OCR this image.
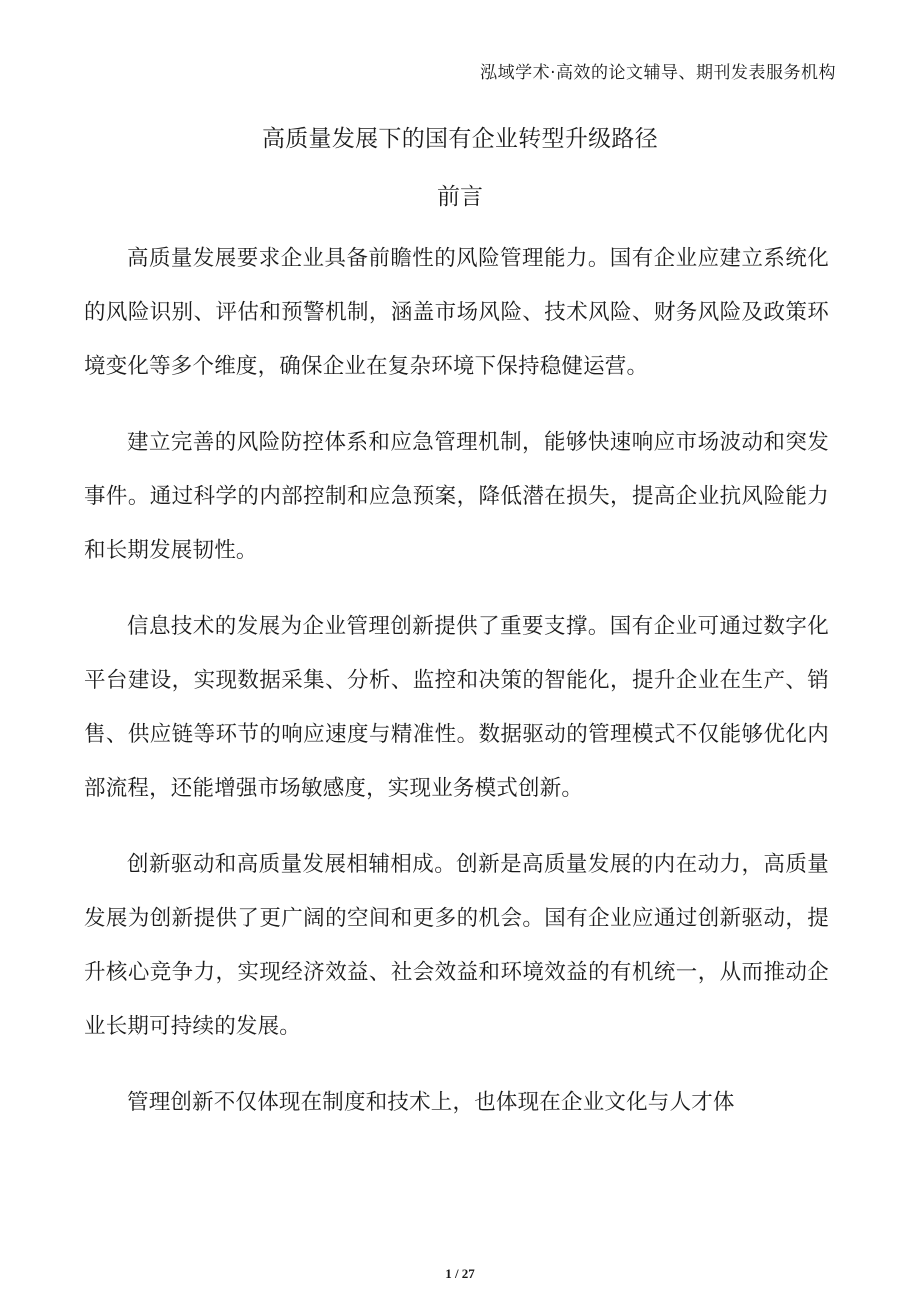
泓域学术·高效的论文辅导、期刊发表服务机构
高质量发展下的国有企业转型升级路径
前言

高质量发展要求企业具备前瞻性的风险管理能力。国有企业应建立系统化的风险识别、评估和预警机制，涵盖市场风险、技术风险、财务风险及政策环境变化等多个维度，确保企业在复杂环境下保持稳健运营。

建立完善的风险防控体系和应急管理机制，能够快速响应市场波动和突发事件。通过科学的内部控制和应急预案，降低潜在损失，提高企业抗风险能力和长期发展韧性。

信息技术的发展为企业管理创新提供了重要支撑。国有企业可通过数字化平台建设，实现数据采集、分析、监控和决策的智能化，提升企业在生产、销售、供应链等环节的响应速度与精准性。数据驱动的管理模式不仅能够优化内部流程，还能增强市场敏感度，实现业务模式创新。

创新驱动和高质量发展相辅相成。创新是高质量发展的内在动力，高质量发展为创新提供了更广阔的空间和更多的机会。国有企业应通过创新驱动，提升核心竞争力，实现经济效益、社会效益和环境效益的有机统一，从而推动企业长期可持续的发展。

管理创新不仅体现在制度和技术上，也体现在企业文化与人才体

1 / 27
